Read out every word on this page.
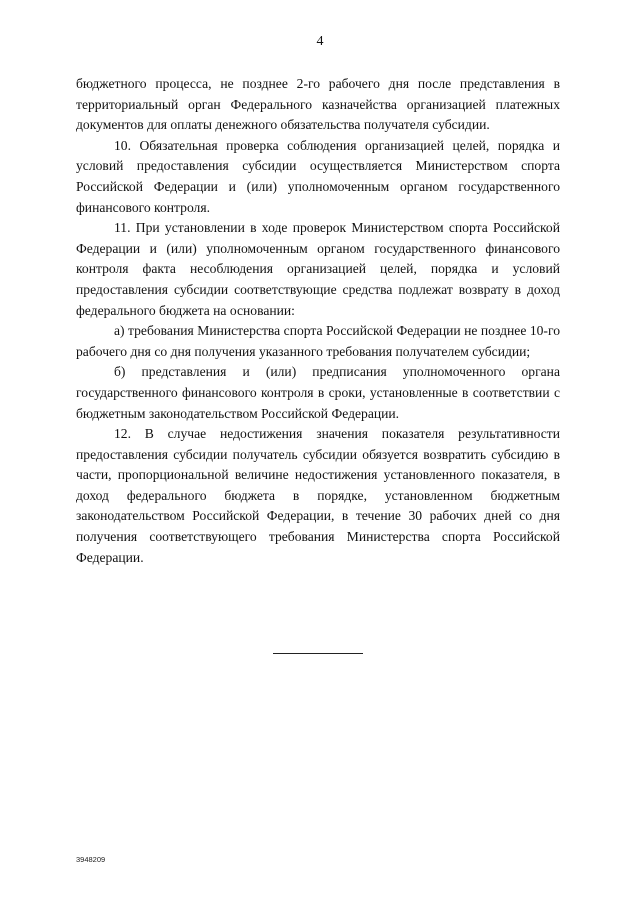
4

бюджетного процесса, не позднее 2-го рабочего дня после представления в территориальный орган Федерального казначейства организацией платежных документов для оплаты денежного обязательства получателя субсидии.

10. Обязательная проверка соблюдения организацией целей, порядка и условий предоставления субсидии осуществляется Министерством спорта Российской Федерации и (или) уполномоченным органом государственного финансового контроля.

11. При установлении в ходе проверок Министерством спорта Российской Федерации и (или) уполномоченным органом государственного финансового контроля факта несоблюдения организацией целей, порядка и условий предоставления субсидии соответствующие средства подлежат возврату в доход федерального бюджета на основании:

а) требования Министерства спорта Российской Федерации не позднее 10-го рабочего дня со дня получения указанного требования получателем субсидии;

б) представления и (или) предписания уполномоченного органа государственного финансового контроля в сроки, установленные в соответствии с бюджетным законодательством Российской Федерации.

12. В случае недостижения значения показателя результативности предоставления субсидии получатель субсидии обязуется возвратить субсидию в части, пропорциональной величине недостижения установленного показателя, в доход федерального бюджета в порядке, установленном бюджетным законодательством Российской Федерации, в течение 30 рабочих дней со дня получения соответствующего требования Министерства спорта Российской Федерации.

3948209
